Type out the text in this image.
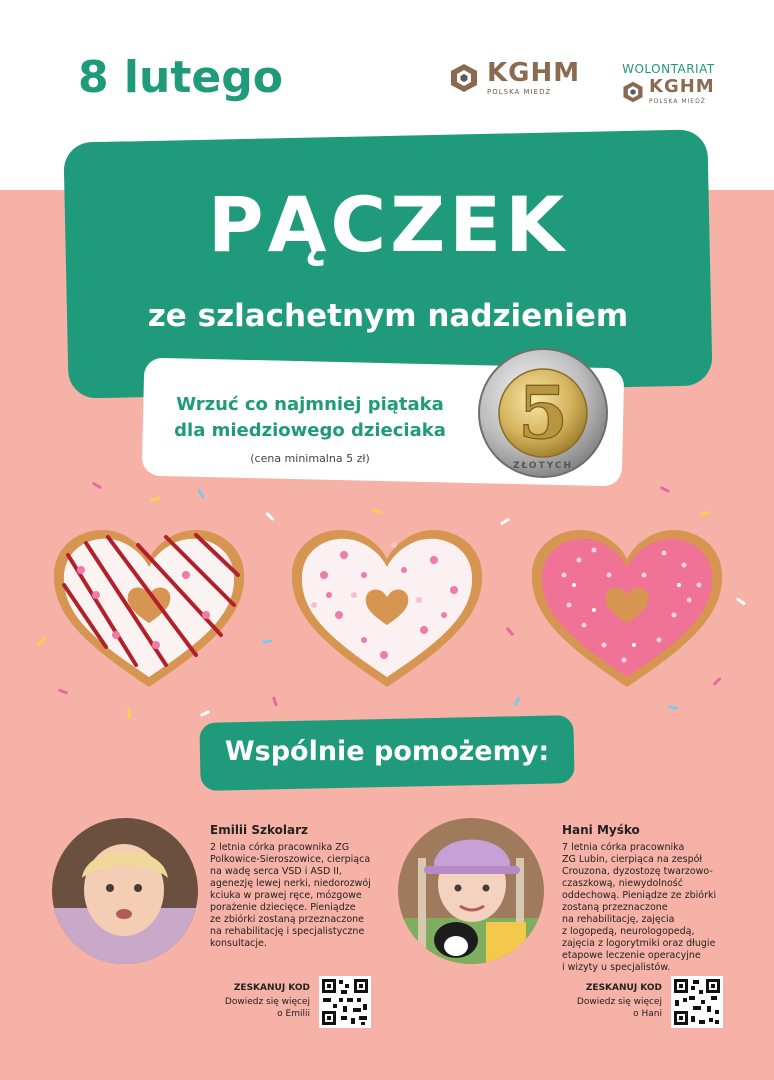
8 lutego	KGHM
POLSKA MIEDŹ
WOLONTARIAT
KGHM
POLSKA MIEDŹ
PĄCZEK
ze szlachetnym nadzieniem
Wrzuć co najmniej piątaka
dla miedziowego dzieciaka
(cena minimalna 5 zł)
5
ZŁOTYCH
Wspólnie pomożemy:
Emilii Szkolarz
2 letnia córka pracownika ZG
Polkowice-Sieroszowice, cierpiąca
na wadę serca VSD i ASD II,
agenezję lewej nerki, niedorozwój
kciuka w prawej ręce, mózgowe
porażenie dziecięce. Pieniądze
ze zbiórki zostaną przeznaczone
na rehabilitację i specjalistyczne
konsultacje.
ZESKANUJ KOD
Dowiedz się więcej
o Emilii
Hani Myśko
7 letnia córka pracownika
ZG Lubin, cierpiąca na zespół
Crouzona, dyzostozę twarzowo-
czaszkową, niewydolność
oddechową. Pieniądze ze zbiórki
zostaną przeznaczone
na rehabilitację, zajęcia
z logopedą, neurologopedą,
zajęcia z logorytmiki oraz długie
etapowe leczenie operacyjne
i wizyty u specjalistów.
ZESKANUJ KOD
Dowiedz się więcej
o Hani
